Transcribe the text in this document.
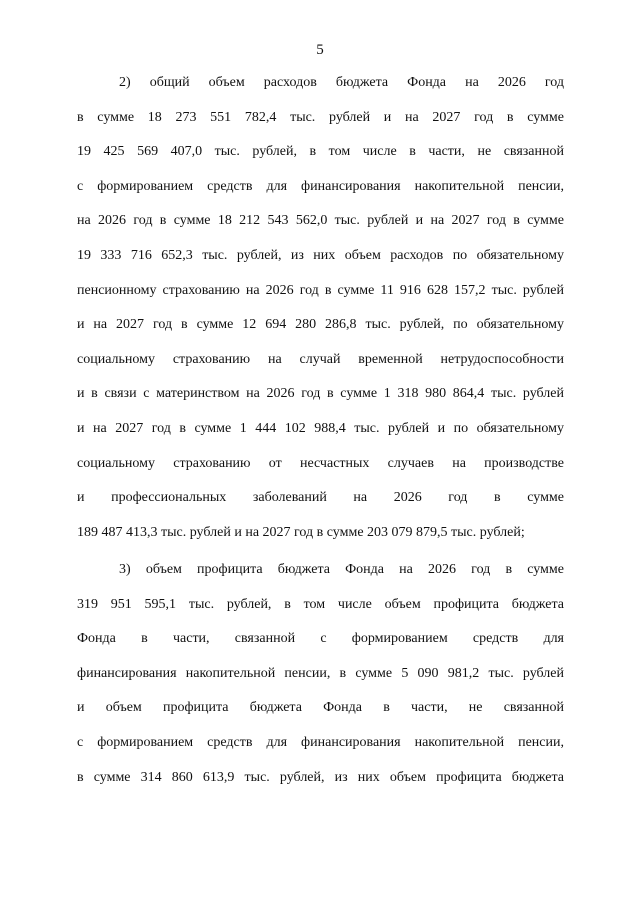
5
2) общий объем расходов бюджета Фонда на 2026 год
в сумме 18 273 551 782,4 тыс. рублей и на 2027 год в сумме
19 425 569 407,0 тыс. рублей, в том числе в части, не связанной
с формированием средств для финансирования накопительной пенсии,
на 2026 год в сумме 18 212 543 562,0 тыс. рублей и на 2027 год в сумме
19 333 716 652,3 тыс. рублей, из них объем расходов по обязательному
пенсионному страхованию на 2026 год в сумме 11 916 628 157,2 тыс. рублей
и на 2027 год в сумме 12 694 280 286,8 тыс. рублей, по обязательному
социальному страхованию на случай временной нетрудоспособности
и в связи с материнством на 2026 год в сумме 1 318 980 864,4 тыс. рублей
и на 2027 год в сумме 1 444 102 988,4 тыс. рублей и по обязательному
социальному страхованию от несчастных случаев на производстве
и профессиональных заболеваний на 2026 год в сумме
189 487 413,3 тыс. рублей и на 2027 год в сумме 203 079 879,5 тыс. рублей;
3) объем профицита бюджета Фонда на 2026 год в сумме
319 951 595,1 тыс. рублей, в том числе объем профицита бюджета
Фонда в части, связанной с формированием средств для
финансирования накопительной пенсии, в сумме 5 090 981,2 тыс. рублей
и объем профицита бюджета Фонда в части, не связанной
с формированием средств для финансирования накопительной пенсии,
в сумме 314 860 613,9 тыс. рублей, из них объем профицита бюджета
